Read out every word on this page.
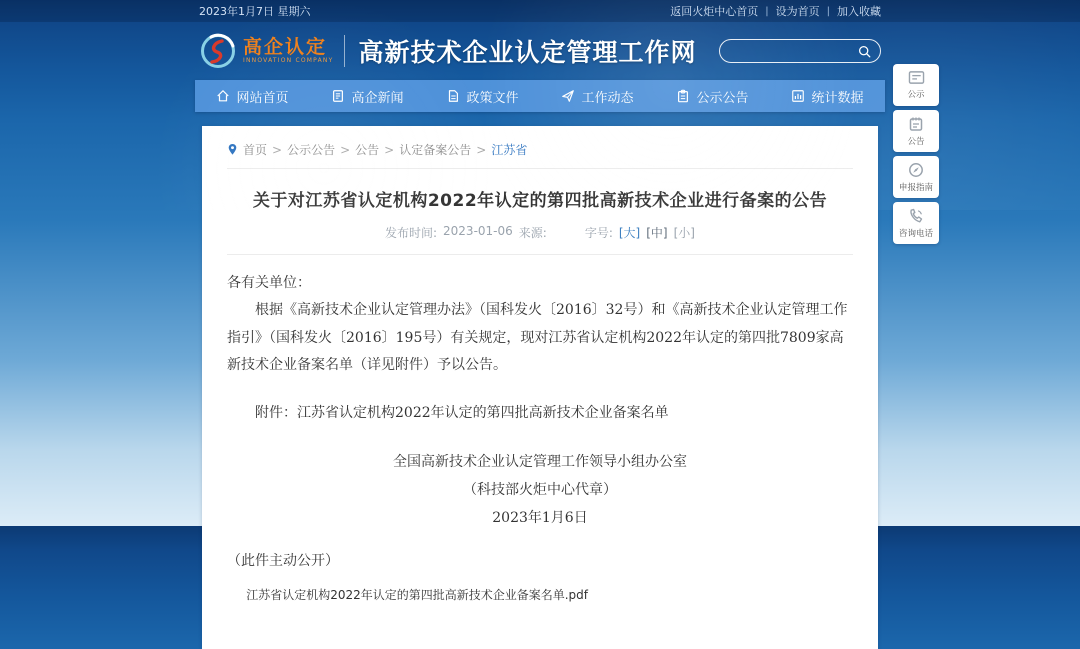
2023年1月7日 星期六	返回火炬中心首页 | 设为首页 | 加入收藏
高企认定
INNOVATION COMPANY 高新技术企业认定管理工作网
网站首页	高企新闻	政策文件	工作动态	公示公告	统计数据
首页 > 公示公告 > 公告 > 认定备案公告 > 江苏省
关于对江苏省认定机构2022年认定的第四批高新技术企业进行备案的公告
发布时间: 2023-01-06 来源:	字号: [大] [中] [小]

各有关单位：

根据《高新技术企业认定管理办法》（国科发火〔2016〕32号）和《高新技术企业认定管理工作指引》（国科发火〔2016〕195号）有关规定，现对江苏省认定机构2022年认定的第四批7809家高新技术企业备案名单（详见附件）予以公告。

附件：江苏省认定机构2022年认定的第四批高新技术企业备案名单

全国高新技术企业认定管理工作领导小组办公室
（科技部火炬中心代章）
2023年1月6日

（此件主动公开）

江苏省认定机构2022年认定的第四批高新技术企业备案名单.pdf
公示
公告
申报指南
咨询电话
